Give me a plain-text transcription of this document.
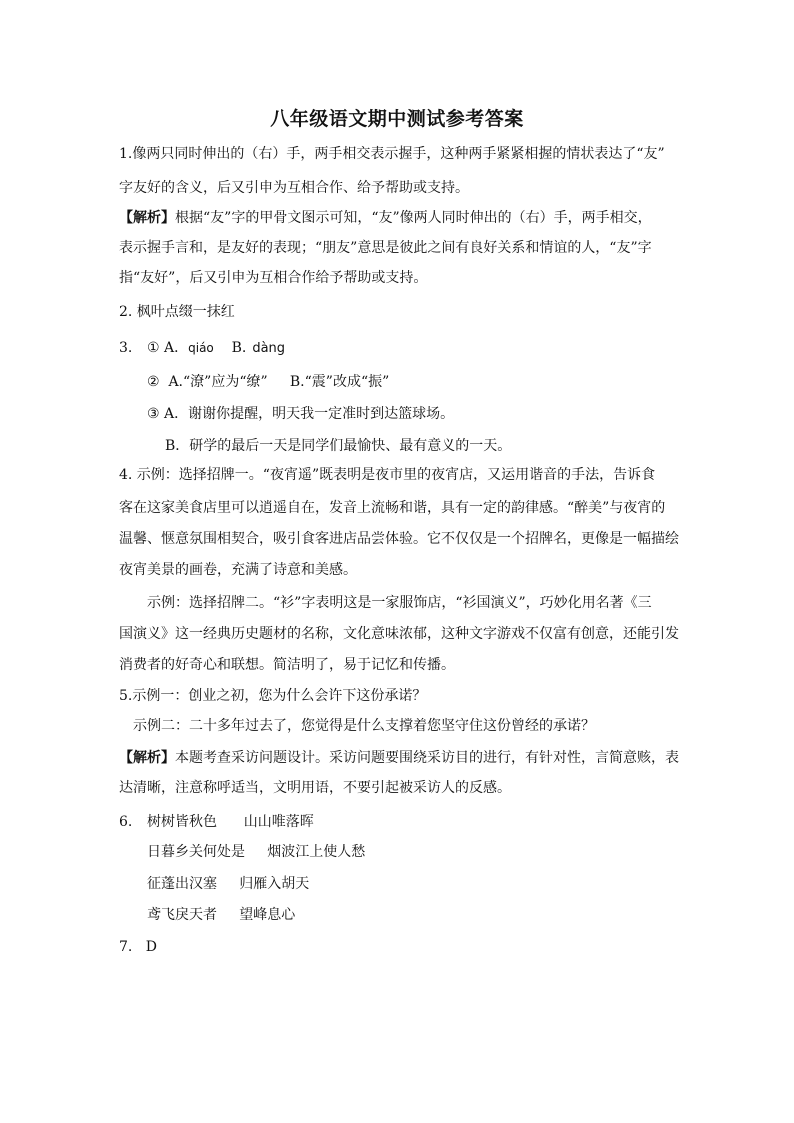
八年级语文期中测试参考答案
1.像两只同时伸出的（右）手，两手相交表示握手，这种两手紧紧相握的情状表达了“友”
字友好的含义，后又引申为互相合作、给予帮助或支持。
【解析】根据“友”字的甲骨文图示可知，“友”像两人同时伸出的（右）手，两手相交，
表示握手言和，是友好的表现；“朋友”意思是彼此之间有良好关系和情谊的人，“友”字
指“友好”，后又引申为互相合作给予帮助或支持。
2. 枫叶点缀一抹红
3. ① A．qiáo    B. dàng
②  A.“潦”应为“缭”     B.“震”改成“振”
③ A．谢谢你提醒，明天我一定准时到达篮球场。
B．研学的最后一天是同学们最愉快、最有意义的一天。
4. 示例：选择招牌一。“夜宵遥”既表明是夜市里的夜宵店，又运用谐音的手法，告诉食
客在这家美食店里可以逍遥自在，发音上流畅和谐，具有一定的韵律感。“醉美”与夜宵的
温馨、惬意氛围相契合，吸引食客进店品尝体验。它不仅仅是一个招牌名，更像是一幅描绘
夜宵美景的画卷，充满了诗意和美感。
示例：选择招牌二。“衫”字表明这是一家服饰店，“衫国演义”，巧妙化用名著《三
国演义》这一经典历史题材的名称，文化意味浓郁，这种文字游戏不仅富有创意，还能引发
消费者的好奇心和联想。简洁明了，易于记忆和传播。
5.示例一：创业之初，您为什么会许下这份承诺？
示例二：二十多年过去了，您觉得是什么支撑着您坚守住这份曾经的承诺？
【解析】本题考查采访问题设计。采访问题要围绕采访目的进行，有针对性，言简意赅，表
达清晰，注意称呼适当，文明用语，不要引起被采访人的反感。
6. 树树皆秋色      山山唯落晖
日暮乡关何处是     烟波江上使人愁
征蓬出汉塞     归雁入胡天
鸢飞戾天者     望峰息心
7.   D
